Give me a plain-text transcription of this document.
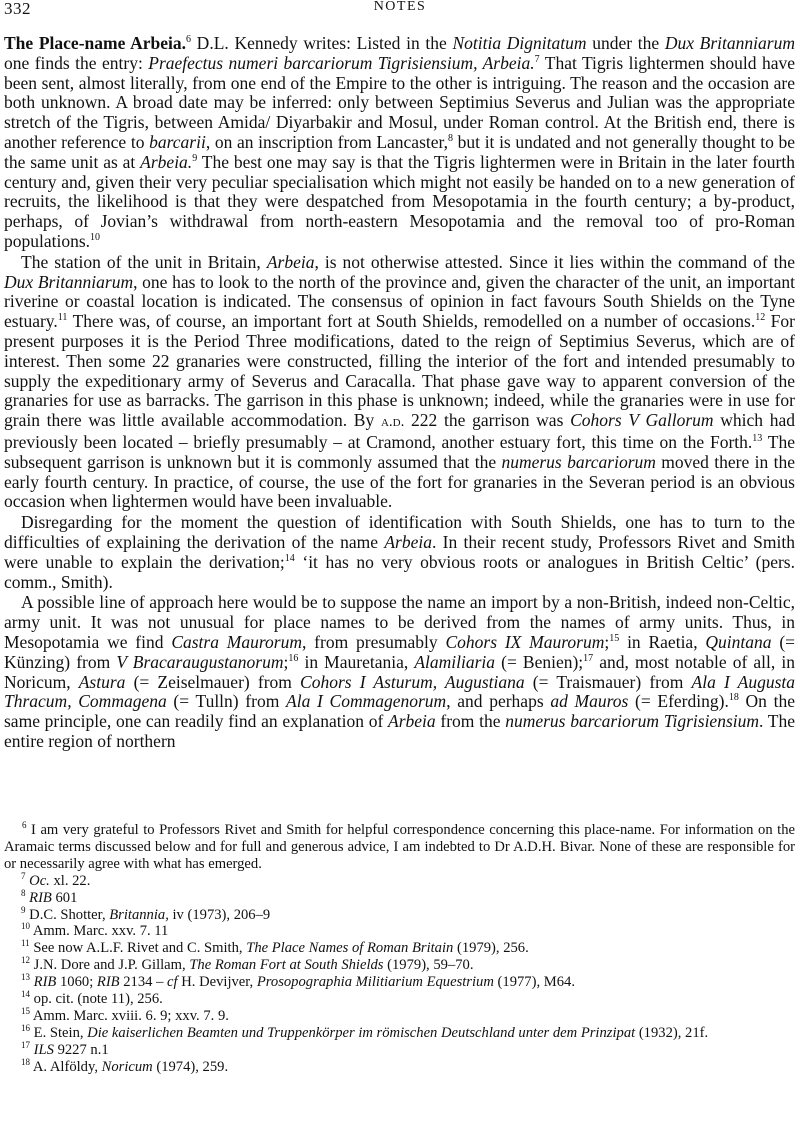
332	NOTES

The Place-name Arbeia.$^6$ D.L. Kennedy writes: Listed in the Notitia Dignitatum under the Dux Britanniarum one finds the entry: Praefectus numeri barcariorum Tigrisiensium, Arbeia.$^7$ That Tigris lightermen should have been sent, almost literally, from one end of the Empire to the other is intriguing. The reason and the occasion are both unknown. A broad date may be inferred: only between Septimius Severus and Julian was the appropriate stretch of the Tigris, between Amida/ Diyarbakir and Mosul, under Roman control. At the British end, there is another reference to barcarii, on an inscription from Lancaster,$^8$ but it is undated and not generally thought to be the same unit as at Arbeia.$^9$ The best one may say is that the Tigris lightermen were in Britain in the later fourth century and, given their very peculiar specialisation which might not easily be handed on to a new generation of recruits, the likelihood is that they were despatched from Mesopotamia in the fourth century; a by-product, perhaps, of Jovian’s withdrawal from north-eastern Mesopotamia and the removal too of pro-Roman populations.$^{10}$

The station of the unit in Britain, Arbeia, is not otherwise attested. Since it lies within the command of the Dux Britanniarum, one has to look to the north of the province and, given the character of the unit, an important riverine or coastal location is indicated. The consensus of opinion in fact favours South Shields on the Tyne estuary.$^{11}$ There was, of course, an important fort at South Shields, remodelled on a number of occasions.$^{12}$ For present purposes it is the Period Three modifications, dated to the reign of Septimius Severus, which are of interest. Then some 22 granaries were constructed, filling the interior of the fort and intended presumably to supply the expeditionary army of Severus and Caracalla. That phase gave way to apparent conversion of the granaries for use as barracks. The garrison in this phase is unknown; indeed, while the granaries were in use for grain there was little available accommodation. By a.d. 222 the garrison was Cohors V Gallorum which had previously been located – briefly presumably – at Cramond, another estuary fort, this time on the Forth.$^{13}$ The subsequent garrison is unknown but it is commonly assumed that the numerus barcariorum moved there in the early fourth century. In practice, of course, the use of the fort for granaries in the Severan period is an obvious occasion when lightermen would have been invaluable.

Disregarding for the moment the question of identification with South Shields, one has to turn to the difficulties of explaining the derivation of the name Arbeia. In their recent study, Professors Rivet and Smith were unable to explain the derivation;$^{14}$ ‘it has no very obvious roots or analogues in British Celtic’ (pers. comm., Smith).

A possible line of approach here would be to suppose the name an import by a non-British, indeed non-Celtic, army unit. It was not unusual for place names to be derived from the names of army units. Thus, in Mesopotamia we find Castra Maurorum, from presumably Cohors IX Maurorum;$^{15}$ in Raetia, Quintana (= Künzing) from V Bracaraugustanorum;$^{16}$ in Mauretania, Alamiliaria (= Benien);$^{17}$ and, most notable of all, in Noricum, Astura (= Zeiselmauer) from Cohors I Asturum, Augustiana (= Traismauer) from Ala I Augusta Thracum, Commagena (= Tulln) from Ala I Commagenorum, and perhaps ad Mauros (= Eferding).$^{18}$ On the same principle, one can readily find an explanation of Arbeia from the numerus barcariorum Tigrisiensium. The entire region of northern

$^6$ I am very grateful to Professors Rivet and Smith for helpful correspondence concerning this place-name. For information on the Aramaic terms discussed below and for full and generous advice, I am indebted to Dr A.D.H. Bivar. None of these are responsible for or necessarily agree with what has emerged.

$^7$ Oc. xl. 22.

$^8$ RIB 601

$^9$ D.C. Shotter, Britannia, iv (1973), 206–9

$^{10}$ Amm. Marc. xxv. 7. 11

$^{11}$ See now A.L.F. Rivet and C. Smith, The Place Names of Roman Britain (1979), 256.

$^{12}$ J.N. Dore and J.P. Gillam, The Roman Fort at South Shields (1979), 59–70.

$^{13}$ RIB 1060; RIB 2134 – cf H. Devijver, Prosopographia Militiarium Equestrium (1977), M64.

$^{14}$ op. cit. (note 11), 256.

$^{15}$ Amm. Marc. xviii. 6. 9; xxv. 7. 9.

$^{16}$ E. Stein, Die kaiserlichen Beamten und Truppenkörper im römischen Deutschland unter dem Prinzipat (1932), 21f.

$^{17}$ ILS 9227 n.1

$^{18}$ A. Alföldy, Noricum (1974), 259.
